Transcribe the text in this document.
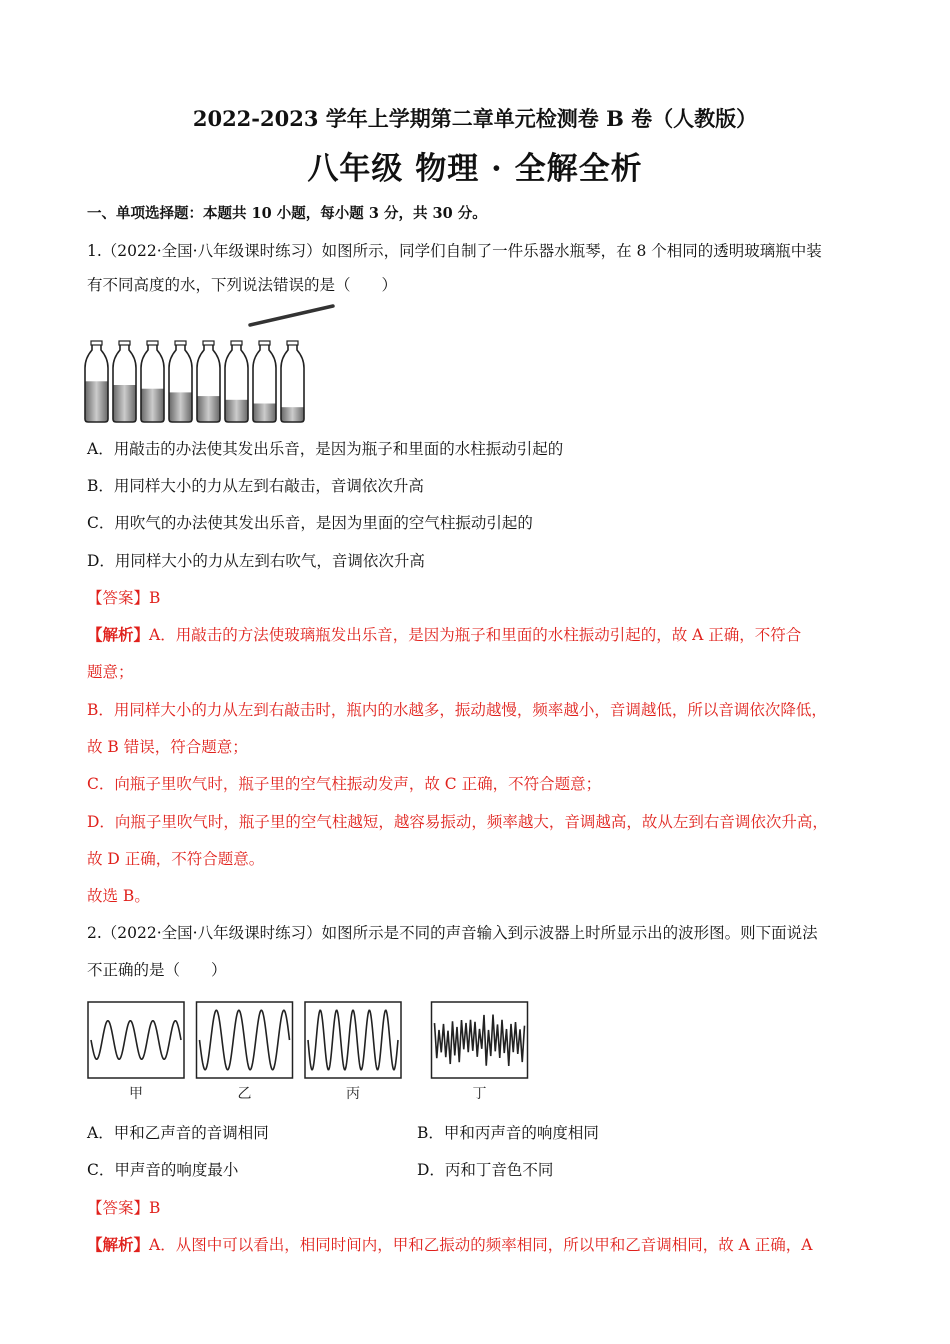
2022-2023 学年上学期第二章单元检测卷 B 卷（人教版）
八年级 物理 · 全解全析
一、单项选择题：本题共 10 小题，每小题 3 分，共 30 分。
1.（2022·全国·八年级课时练习）如图所示，同学们自制了一件乐器水瓶琴，在 8 个相同的透明玻璃瓶中装
有不同高度的水，下列说法错误的是（　　）
A．用敲击的办法使其发出乐音，是因为瓶子和里面的水柱振动引起的
B．用同样大小的力从左到右敲击，音调依次升高
C．用吹气的办法使其发出乐音，是因为里面的空气柱振动引起的
D．用同样大小的力从左到右吹气，音调依次升高
【答案】B
【解析】A．用敲击的方法使玻璃瓶发出乐音，是因为瓶子和里面的水柱振动引起的，故 A 正确，不符合
题意；
B．用同样大小的力从左到右敲击时，瓶内的水越多，振动越慢，频率越小，音调越低，所以音调依次降低，
故 B 错误，符合题意；
C．向瓶子里吹气时，瓶子里的空气柱振动发声，故 C 正确，不符合题意；
D．向瓶子里吹气时，瓶子里的空气柱越短，越容易振动，频率越大，音调越高，故从左到右音调依次升高，
故 D 正确，不符合题意。
故选 B。
2.（2022·全国·八年级课时练习）如图所示是不同的声音输入到示波器上时所显示出的波形图。则下面说法
不正确的是（　　）
甲	乙	丙	丁
A．甲和乙声音的音调相同	B．甲和丙声音的响度相同
C．甲声音的响度最小	D．丙和丁音色不同
【答案】B
【解析】A．从图中可以看出，相同时间内，甲和乙振动的频率相同，所以甲和乙音调相同，故 A 正确，A
